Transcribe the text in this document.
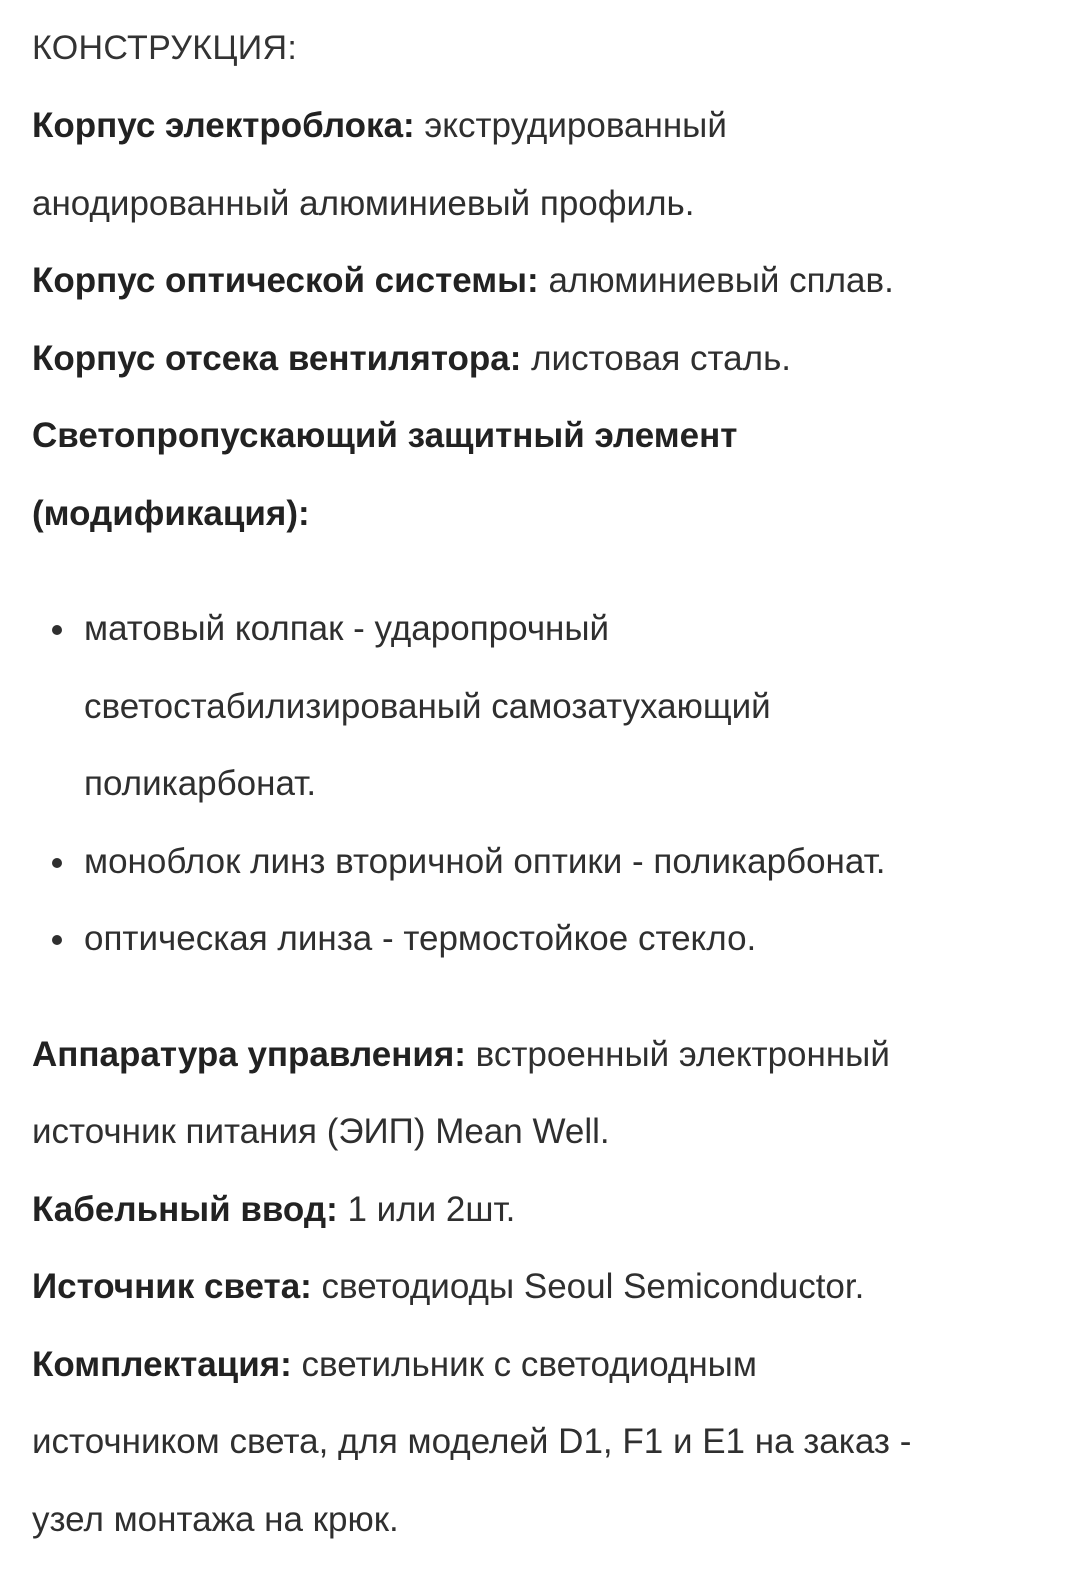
КОНСТРУКЦИЯ:

Корпус электроблока: экструдированный

анодированный алюминиевый профиль.

Корпус оптической системы: алюминиевый сплав.

Корпус отсека вентилятора: листовая сталь.

Светопропускающий защитный элемент

(модификация):

матовый колпак - ударопрочный

светостабилизированый самозатухающий

поликарбонат.

моноблок линз вторичной оптики - поликарбонат.

оптическая линза - термостойкое стекло.

Аппаратура управления: встроенный электронный

источник питания (ЭИП) Mean Well.

Кабельный ввод: 1 или 2шт.

Источник света: светодиоды Seoul Semiconductor.

Комплектация: светильник с светодиодным

источником света, для моделей D1, F1 и E1 на заказ -

узел монтажа на крюк.
